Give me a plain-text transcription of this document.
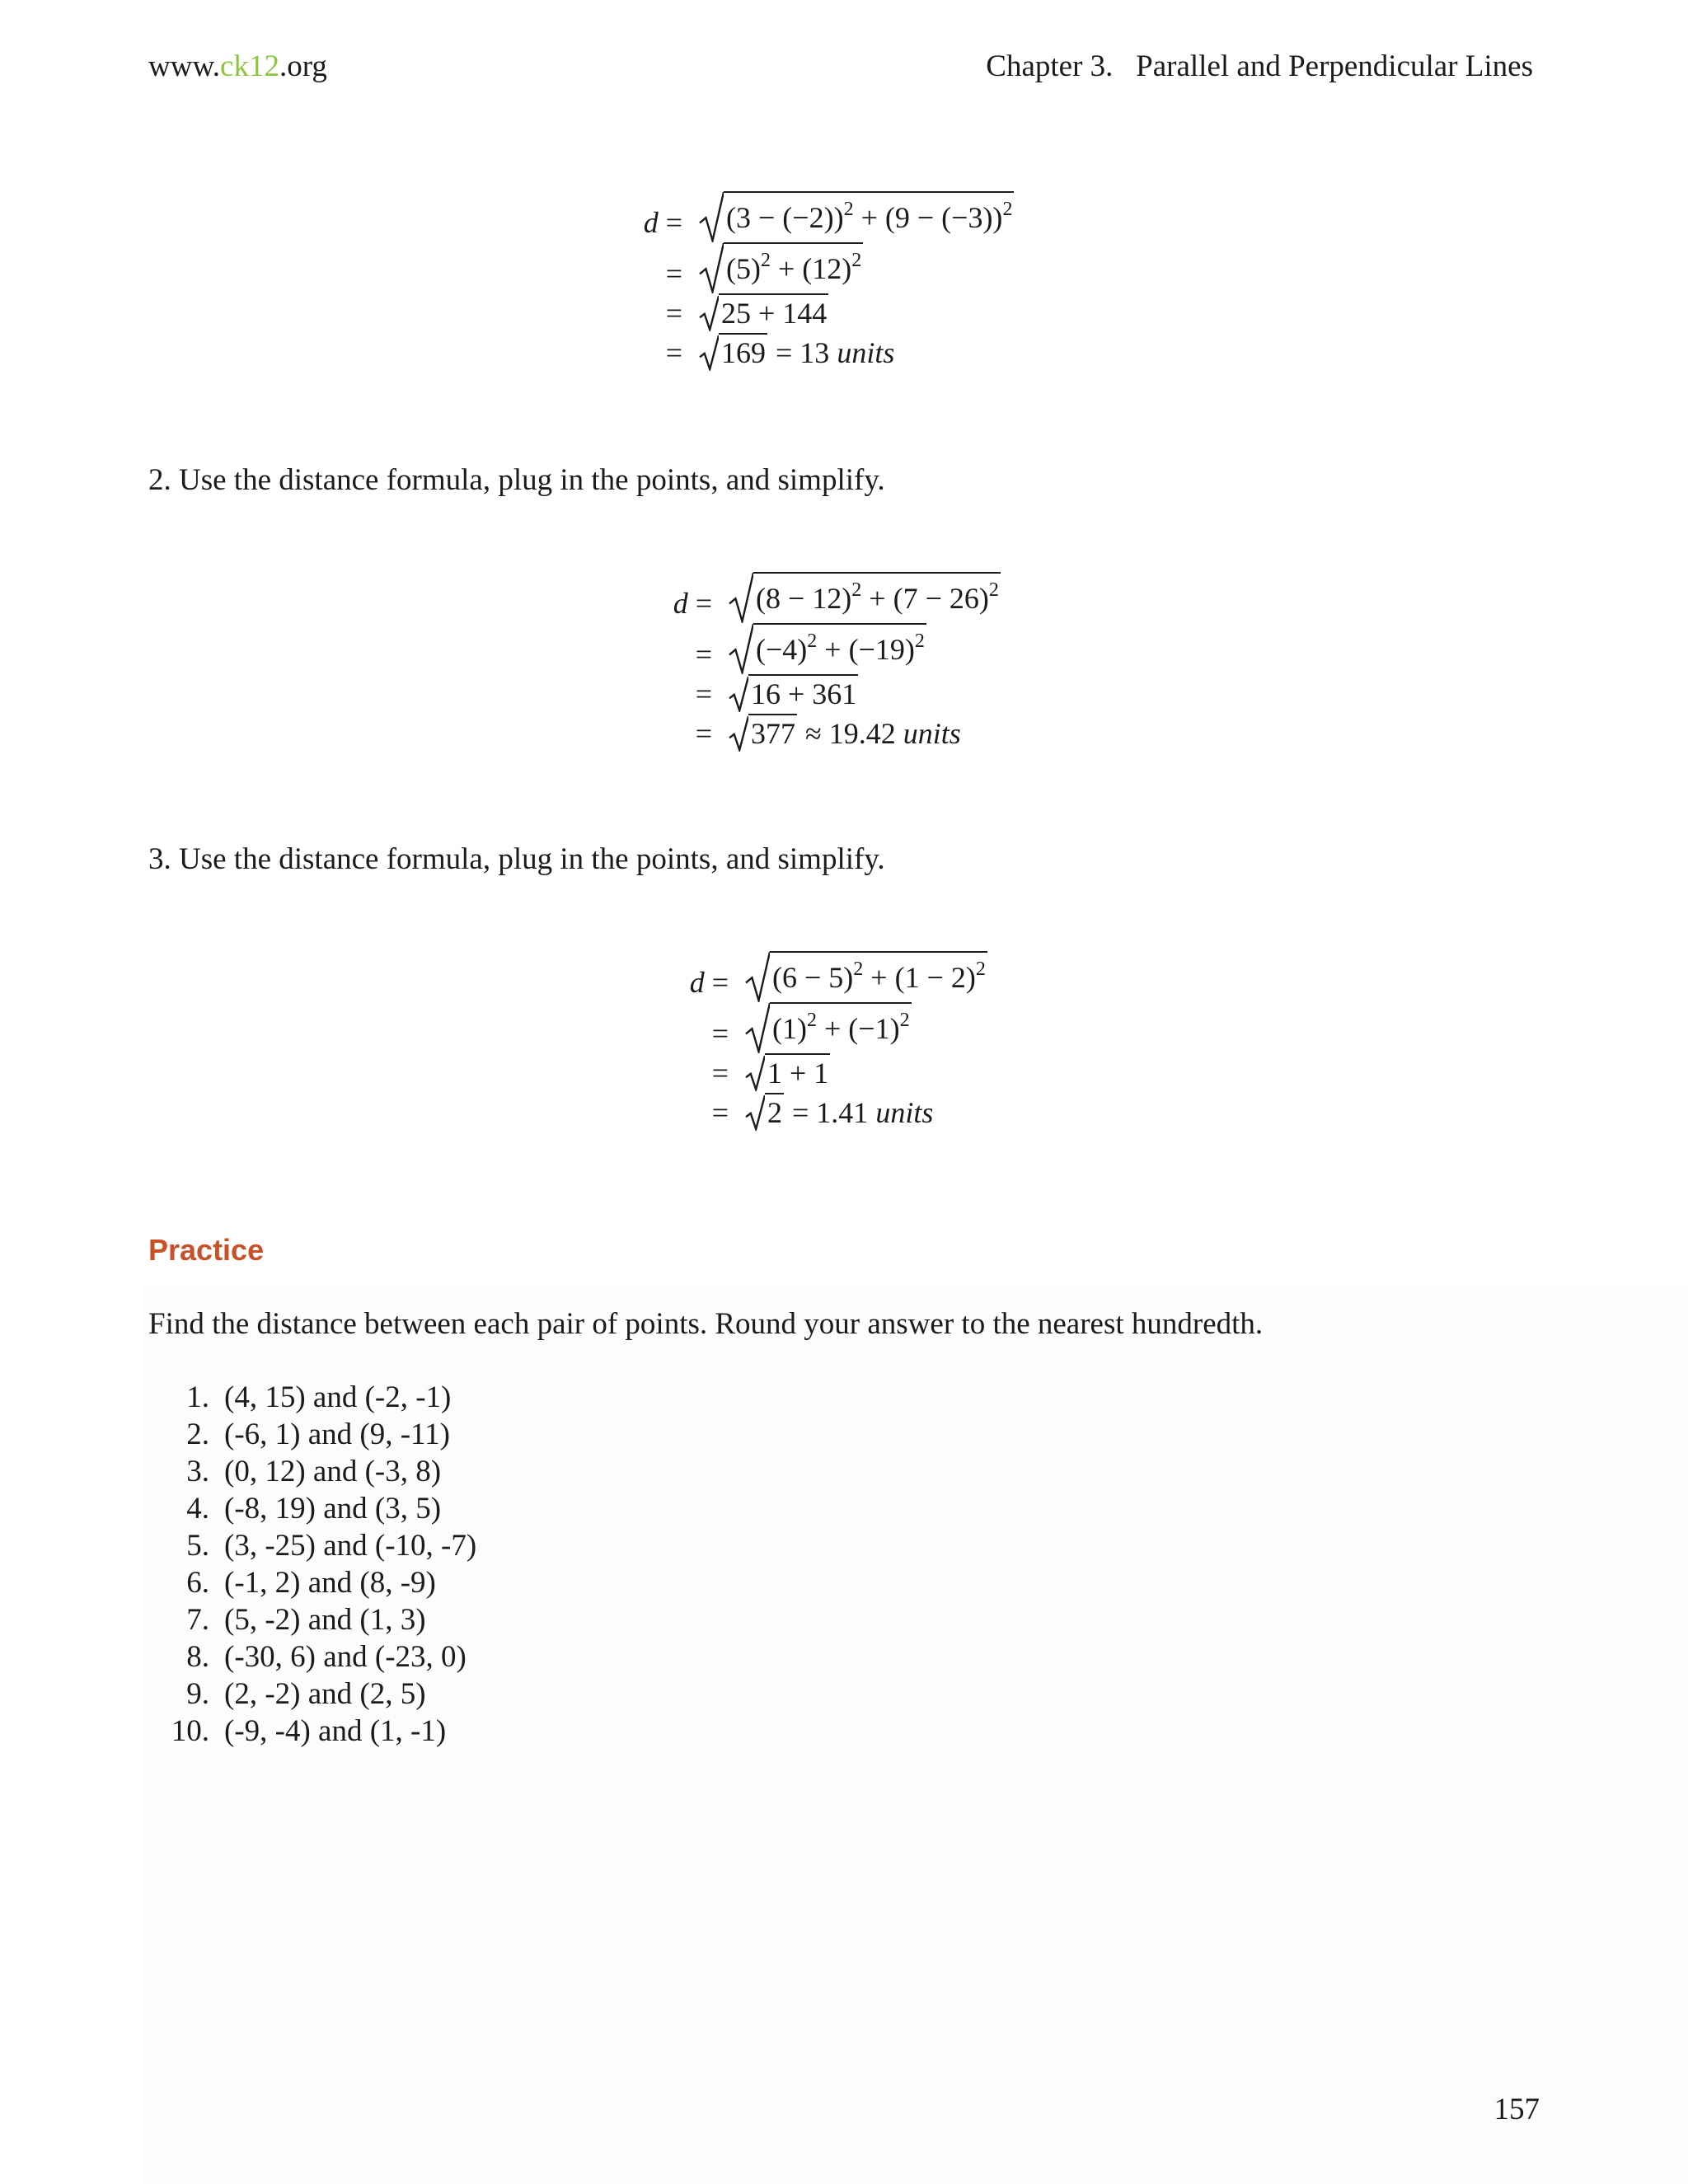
www.ck12.org	Chapter 3.   Parallel and Perpendicular Lines
d =	$(3 - (-2))^2 + (9 - (-3))^2$
=	$(5)^2 + (12)^2$
=	25 + 144
=	169 = 13 units
2. Use the distance formula, plug in the points, and simplify.
d =	$(8 - 12)^2 + (7 - 26)^2$
=	$(-4)^2 + (-19)^2$
=	16 + 361
=	377 ≈ 19.42 units
3. Use the distance formula, plug in the points, and simplify.
d =	$(6 - 5)^2 + (1 - 2)^2$
=	$(1)^2 + (-1)^2$
=	1 + 1
=	2 = 1.41 units
Practice
Find the distance between each pair of points. Round your answer to the nearest hundredth.
1. (4, 15) and (-2, -1)
2. (-6, 1) and (9, -11)
3. (0, 12) and (-3, 8)
4. (-8, 19) and (3, 5)
5. (3, -25) and (-10, -7)
6. (-1, 2) and (8, -9)
7. (5, -2) and (1, 3)
8. (-30, 6) and (-23, 0)
9. (2, -2) and (2, 5)
10. (-9, -4) and (1, -1)
157
